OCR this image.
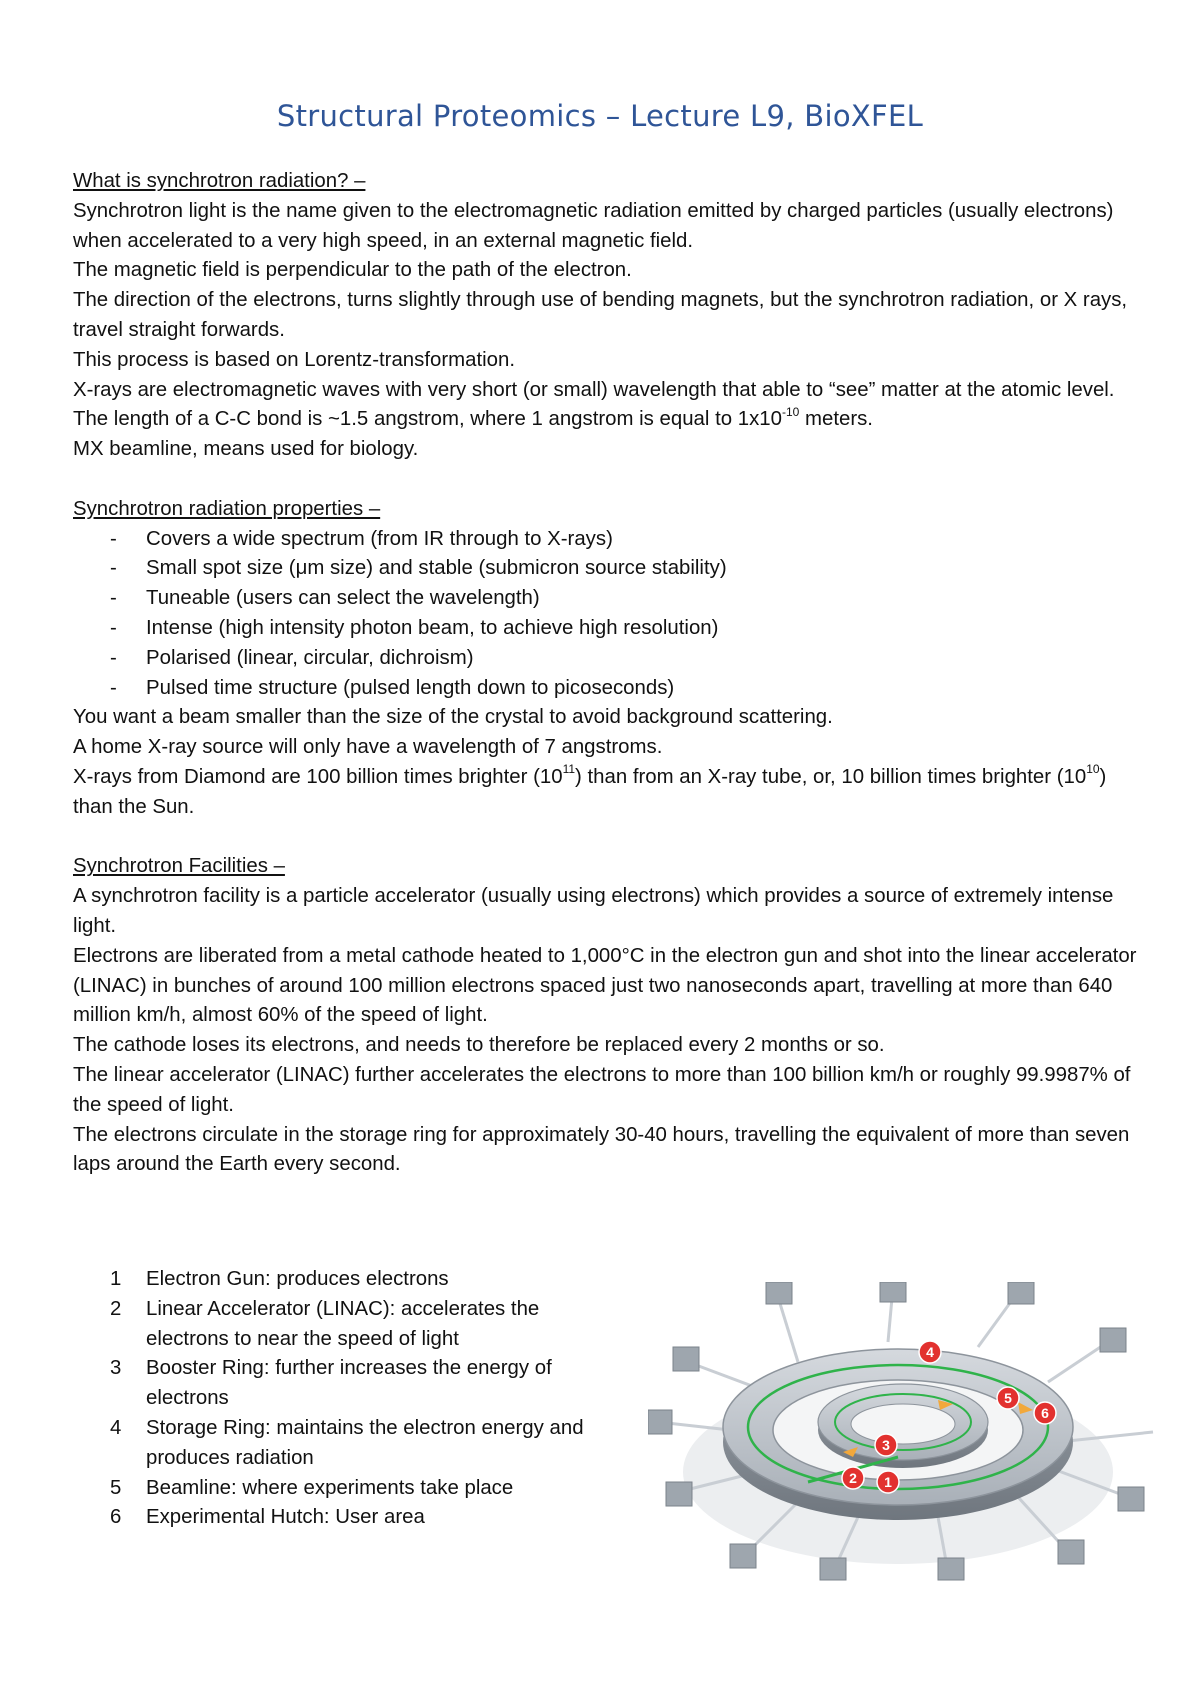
Structural Proteomics – Lecture L9, BioXFEL

What is synchrotron radiation? –

Synchrotron light is the name given to the electromagnetic radiation emitted by charged particles (usually electrons) when accelerated to a very high speed, in an external magnetic field.

The magnetic field is perpendicular to the path of the electron.

The direction of the electrons, turns slightly through use of bending magnets, but the synchrotron radiation, or X rays, travel straight forwards.

This process is based on Lorentz-transformation.

X-rays are electromagnetic waves with very short (or small) wavelength that able to “see” matter at the atomic level.

The length of a C-C bond is ~1.5 angstrom, where 1 angstrom is equal to $1x10^{-10}$ meters.

MX beamline, means used for biology.

Synchrotron radiation properties –

- Covers a wide spectrum (from IR through to X-rays)
- Small spot size (μm size) and stable (submicron source stability)
- Tuneable (users can select the wavelength)
- Intense (high intensity photon beam, to achieve high resolution)
- Polarised (linear, circular, dichroism)
- Pulsed time structure (pulsed length down to picoseconds)

You want a beam smaller than the size of the crystal to avoid background scattering.

A home X-ray source will only have a wavelength of 7 angstroms.

X-rays from Diamond are 100 billion times brighter $(10^{11})$ than from an X-ray tube, or, 10 billion times brighter $(10^{10})$ than the Sun.

Synchrotron Facilities –

A synchrotron facility is a particle accelerator (usually using electrons) which provides a source of extremely intense light.

Electrons are liberated from a metal cathode heated to 1,000°C in the electron gun and shot into the linear accelerator (LINAC) in bunches of around 100 million electrons spaced just two nanoseconds apart, travelling at more than 640 million km/h, almost 60% of the speed of light.

The cathode loses its electrons, and needs to therefore be replaced every 2 months or so.

The linear accelerator (LINAC) further accelerates the electrons to more than 100 billion km/h or roughly 99.9987% of the speed of light.

The electrons circulate in the storage ring for approximately 30-40 hours, travelling the equivalent of more than seven laps around the Earth every second.

1 Electron Gun: produces electrons
2 Linear Accelerator (LINAC): accelerates the
electrons to near the speed of light
3 Booster Ring: further increases the energy of
electrons
4 Storage Ring: maintains the electron energy and
produces radiation
5 Beamline: where experiments take place
6 Experimental Hutch: User area
1
2
3
4
5
6
